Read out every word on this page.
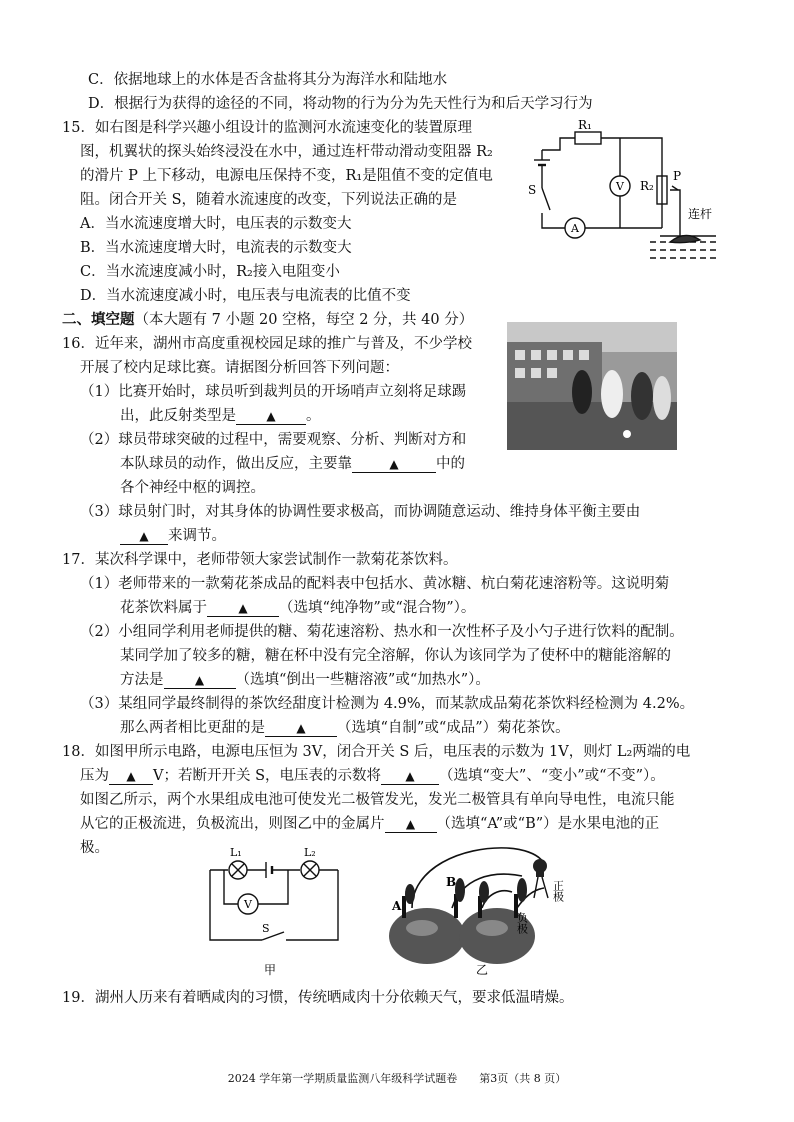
C．依据地球上的水体是否含盐将其分为海洋水和陆地水
D．根据行为获得的途径的不同，将动物的行为分为先天性行为和后天学习行为
15．如右图是科学兴趣小组设计的监测河水流速变化的装置原理
图，机翼状的探头始终浸没在水中，通过连杆带动滑动变阻器 R₂
的滑片 P 上下移动，电源电压保持不变，R₁是阻值不变的定值电
阻。闭合开关 S，随着水流速度的改变，下列说法正确的是
A．当水流速度增大时，电压表的示数变大
B．当水流速度增大时，电流表的示数变大
C．当水流速度减小时，R₂接入电阻变小
D．当水流速度减小时，电压表与电流表的比值不变
R₁
R₂
P
S	V
A
连杆
二、填空题（本大题有 7 小题 20 空格，每空 2 分，共 40 分）
16．近年来，湖州市高度重视校园足球的推广与普及，不少学校
开展了校内足球比赛。请据图分析回答下列问题：
（1）比赛开始时，球员听到裁判员的开场哨声立刻将足球踢
出，此反射类型是	▲ 。
（2）球员带球突破的过程中，需要观察、分析、判断对方和
本队球员的动作，做出反应，主要靠	▲	中的
各个神经中枢的调控。
（3）球员射门时，对其身体的协调性要求极高，而协调随意运动、维持身体平衡主要由
▲ 来调节。
17．某次科学课中，老师带领大家尝试制作一款菊花茶饮料。
（1）老师带来的一款菊花茶成品的配料表中包括水、黄冰糖、杭白菊花速溶粉等。这说明菊
花茶饮料属于	▲ （选填“纯净物”或“混合物”）。
（2）小组同学利用老师提供的糖、菊花速溶粉、热水和一次性杯子及小勺子进行饮料的配制。
某同学加了较多的糖，糖在杯中没有完全溶解，你认为该同学为了使杯中的糖能溶解的
方法是	▲ （选填“倒出一些糖溶液”或“加热水”）。
（3）某组同学最终制得的茶饮经甜度计检测为 4.9%，而某款成品菊花茶饮料经检测为 4.2%。
那么两者相比更甜的是	▲ （选填“自制”或“成品”）菊花茶饮。
18．如图甲所示电路，电源电压恒为 3V，闭合开关 S 后，电压表的示数为 1V，则灯 L₂两端的电
压为 ▲ V；若断开开关 S，电压表的示数将 ▲ （选填“变大”、“变小”或“不变”）。
如图乙所示，两个水果组成电池可使发光二极管发光，发光二极管具有单向导电性，电流只能
从它的正极流进，负极流出，则图乙中的金属片 ▲ （选填“A”或“B”）是水果电池的正
极。	L₁	L₂
V
S
甲
A
B
负极
正极
乙
19．湖州人历来有着晒咸肉的习惯，传统晒咸肉十分依赖天气，要求低温晴燥。
2024 学年第一学期质量监测八年级科学试题卷　　第3页（共 8 页）
